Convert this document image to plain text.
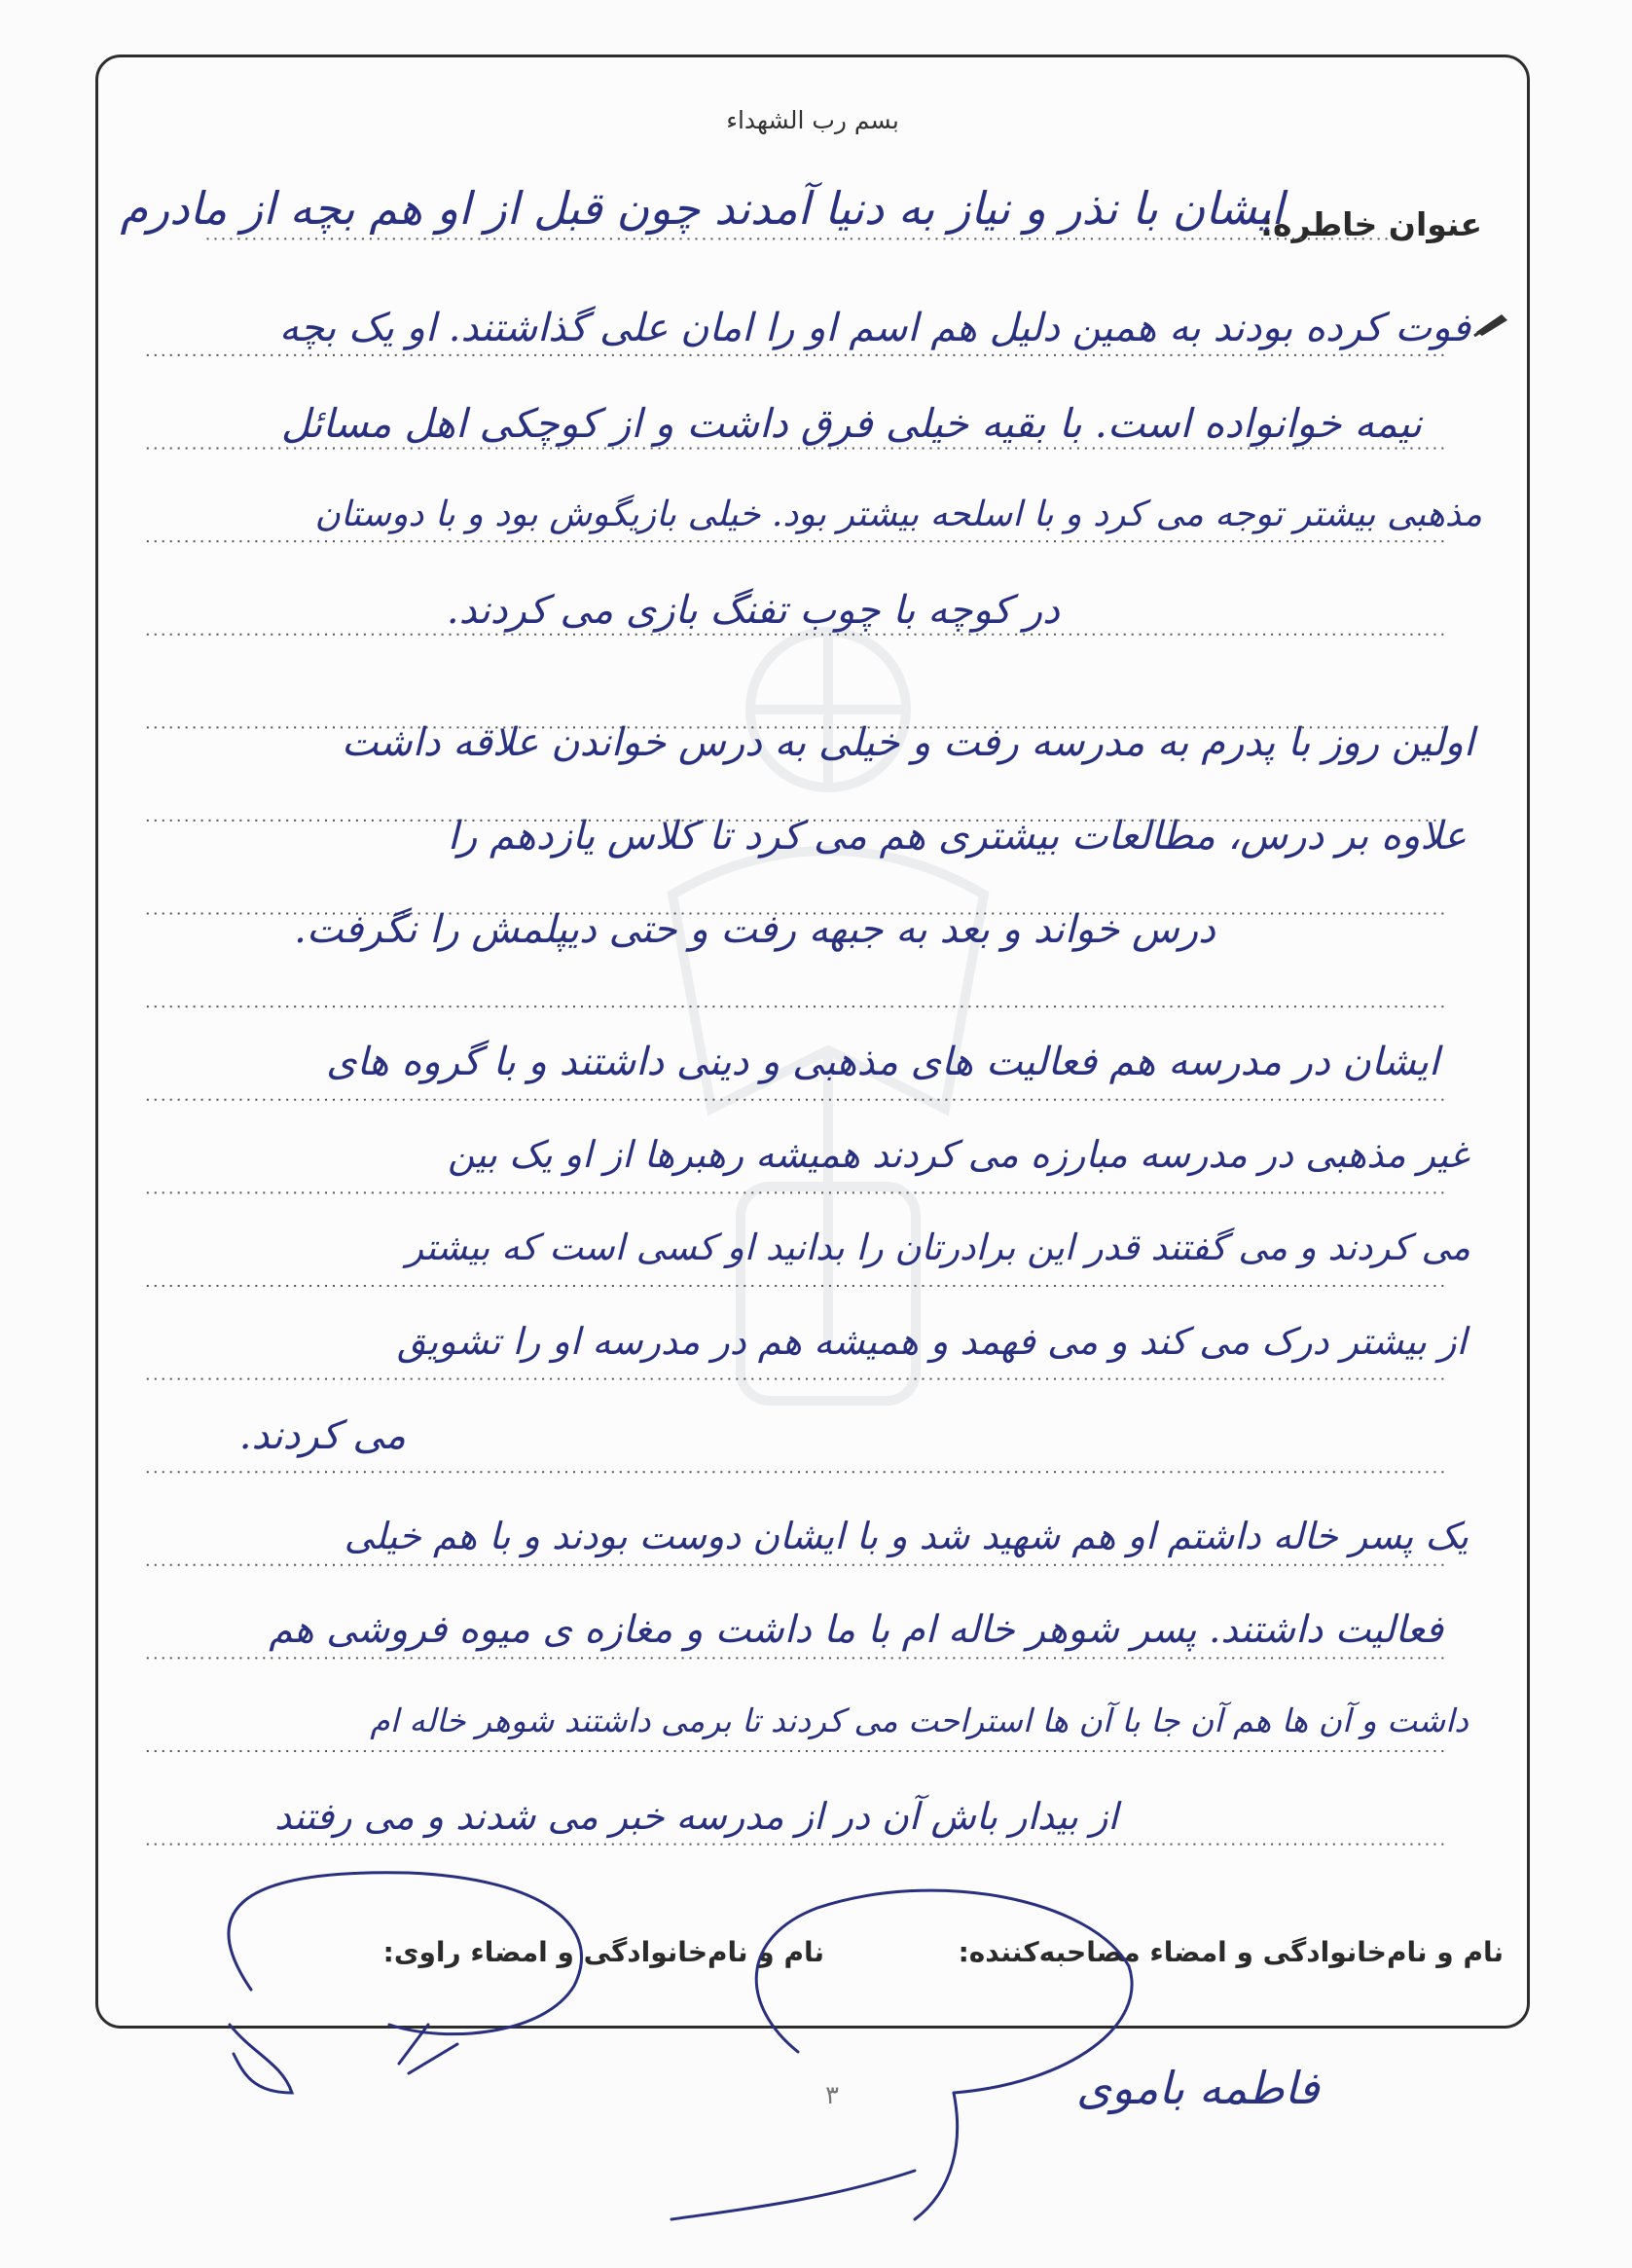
بسم رب الشهداء
عنوان خاطره:
ایشان با نذر و نیاز به دنیا آمدند چون قبل از او هم بچه از مادرم
فوت کرده بودند به همین دلیل هم اسم او را امان علی گذاشتند. او یک بچه
نیمه خوانواده است. با بقیه خیلی فرق داشت و از کوچکی اهل مسائل
مذهبی بیشتر توجه می کرد و با اسلحه بیشتر بود. خیلی بازیگوش بود و با دوستان
در کوچه با چوب تفنگ بازی می کردند.
اولین روز با پدرم به مدرسه رفت و خیلی به درس خواندن علاقه داشت
علاوه بر درس، مطالعات بیشتری هم می کرد تا کلاس یازدهم را
درس خواند و بعد به جبهه رفت و حتی دیپلمش را نگرفت.
ایشان در مدرسه هم فعالیت های مذهبی و دینی داشتند و با گروه های
غیر مذهبی در مدرسه مبارزه می کردند همیشه رهبرها از او یک بین
می کردند و می گفتند قدر این برادرتان را بدانید او کسی است که بیشتر
از بیشتر درک می کند و می فهمد و همیشه هم در مدرسه او را تشویق
می کردند.
یک پسر خاله داشتم او هم شهید شد و با ایشان دوست بودند و با هم خیلی
فعالیت داشتند. پسر شوهر خاله ام با ما داشت و مغازه ی میوه فروشی هم
داشت و آن ها هم آن جا با آن ها استراحت می کردند تا برمی داشتند شوهر خاله ام
از بیدار باش آن در از مدرسه خبر می شدند و می رفتند
نام و نام‌خانوادگی و امضاء مصاحبه‌کننده:
نام و نام‌خانوادگی و امضاء راوی:
۳	فاطمه باموی
